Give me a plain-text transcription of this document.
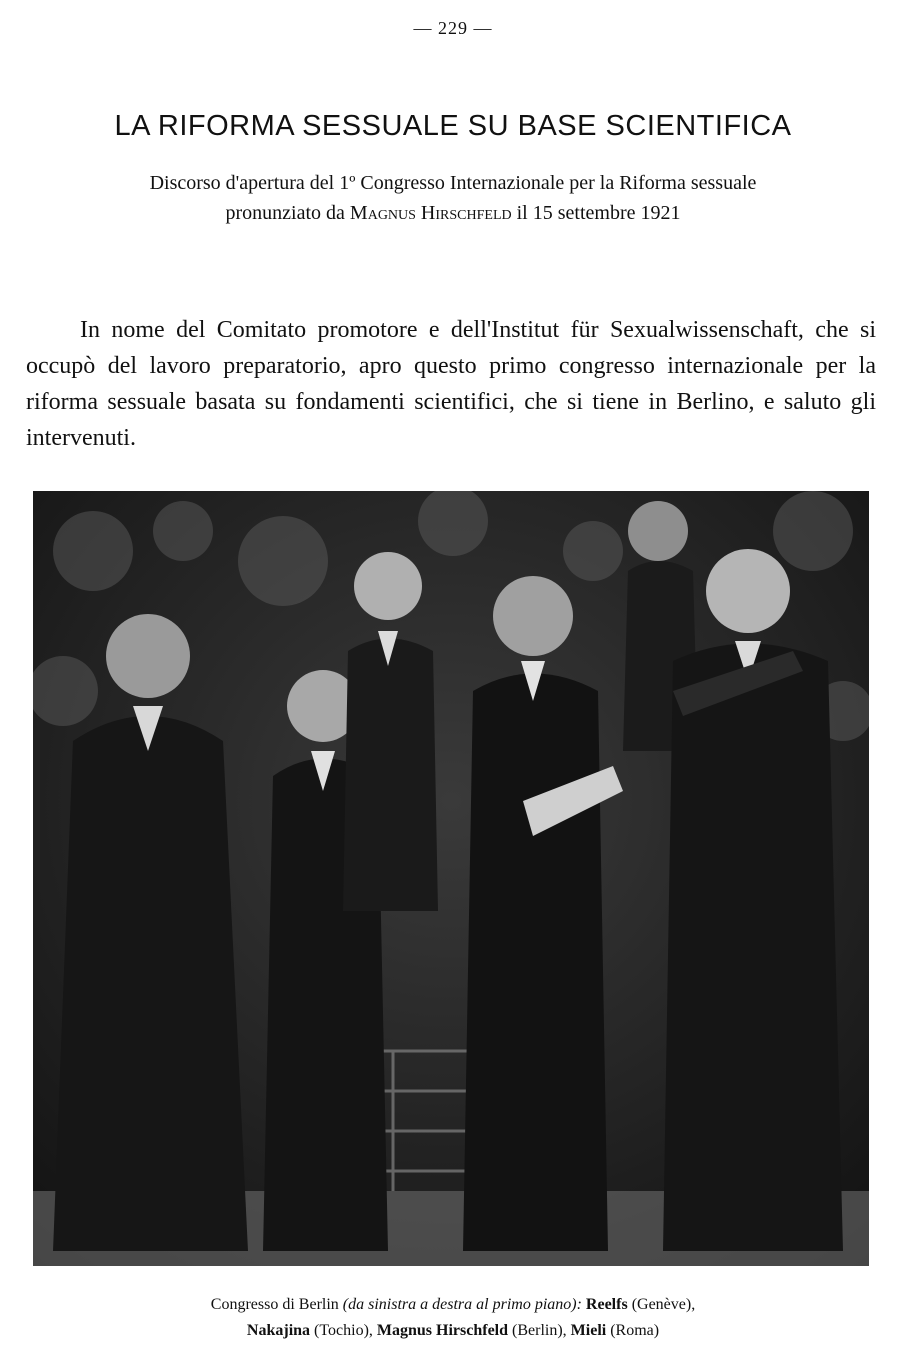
— 229 —
LA RIFORMA SESSUALE SU BASE SCIENTIFICA
Discorso d'apertura del 1º Congresso Internazionale per la Riforma sessuale
pronunziato da Magnus Hirschfeld il 15 settembre 1921

In nome del Comitato promotore e dell'Institut für Sexualwissenschaft, che si occupò del lavoro preparatorio, apro questo primo congresso internazionale per la riforma sessuale basata su fondamenti scientifici, che si tiene in Berlino, e saluto gli intervenuti.

Congresso di Berlin (da sinistra a destra al primo piano): Reelfs (Genève),
Nakajina (Tochio), Magnus Hirschfeld (Berlin), Mieli (Roma)
